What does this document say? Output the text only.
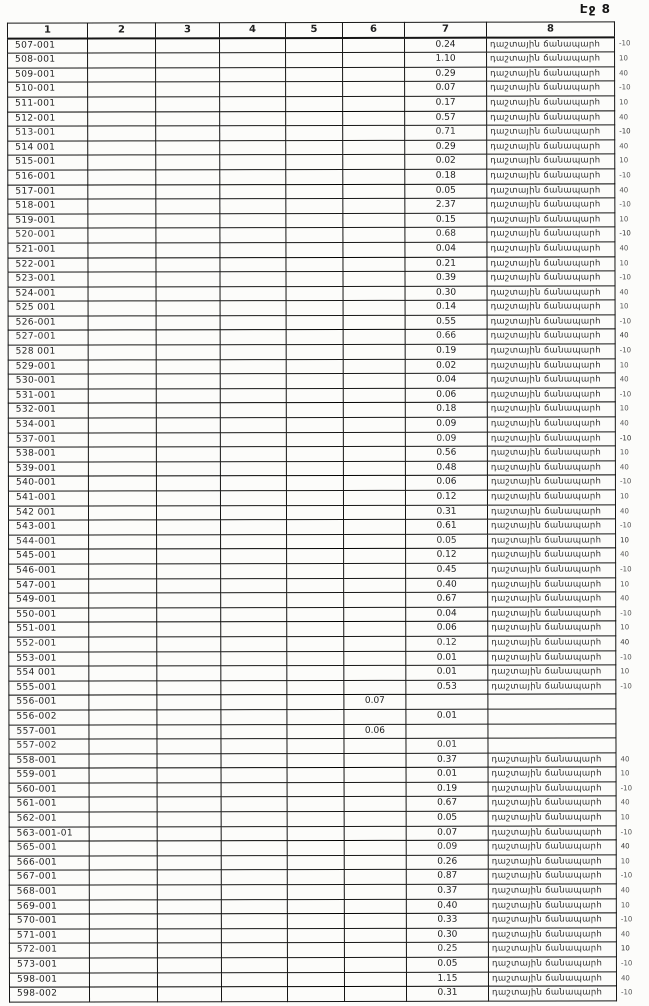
Էջ 8
1	2	3	4	5	6	7	8	
507-001						0.24	դաշտային ճանապարհ	-10
508-001						1.10	դաշտային ճանապարհ	10
509-001						0.29	դաշտային ճանապարհ	40
510-001						0.07	դաշտային ճանապարհ	-10
511-001						0.17	դաշտային ճանապարհ	10
512-001						0.57	դաշտային ճանապարհ	40
513-001						0.71	դաշտային ճանապարհ	-10
514 001						0.29	դաշտային ճանապարհ	40
515-001						0.02	դաշտային ճանապարհ	10
516-001						0.18	դաշտային ճանապարհ	-10
517-001						0.05	դաշտային ճանապարհ	40
518-001						2.37	դաշտային ճանապարհ	-10
519-001						0.15	դաշտային ճանապարհ	10
520-001						0.68	դաշտային ճանապարհ	-10
521-001						0.04	դաշտային ճանապարհ	40
522-001						0.21	դաշտային ճանապարհ	10
523-001						0.39	դաշտային ճանապարհ	-10
524-001						0.30	դաշտային ճանապարհ	40
525 001						0.14	դաշտային ճանապարհ	10
526-001						0.55	դաշտային ճանապարհ	-10
527-001						0.66	դաշտային ճանապարհ	40
528 001						0.19	դաշտային ճանապարհ	-10
529-001						0.02	դաշտային ճանապարհ	10
530-001						0.04	դաշտային ճանապարհ	40
531-001						0.06	դաշտային ճանապարհ	-10
532-001						0.18	դաշտային ճանապարհ	10
534-001						0.09	դաշտային ճանապարհ	40
537-001						0.09	դաշտային ճանապարհ	-10
538-001						0.56	դաշտային ճանապարհ	10
539-001						0.48	դաշտային ճանապարհ	40
540-001						0.06	դաշտային ճանապարհ	-10
541-001						0.12	դաշտային ճանապարհ	10
542 001						0.31	դաշտային ճանապարհ	40
543-001						0.61	դաշտային ճանապարհ	-10
544-001						0.05	դաշտային ճանապարհ	10
545-001						0.12	դաշտային ճանապարհ	40
546-001						0.45	դաշտային ճանապարհ	-10
547-001						0.40	դաշտային ճանապարհ	10
549-001						0.67	դաշտային ճանապարհ	40
550-001						0.04	դաշտային ճանապարհ	-10
551-001						0.06	դաշտային ճանապարհ	10
552-001						0.12	դաշտային ճանապարհ	40
553-001						0.01	դաշտային ճանապարհ	-10
554 001						0.01	դաշտային ճանապարհ	10
555-001						0.53	դաշտային ճանապարհ	-10
556-001					0.07			
556-002						0.01		
557-001					0.06			
557-002						0.01		
558-001						0.37	դաշտային ճանապարհ	40
559-001						0.01	դաշտային ճանապարհ	10
560-001						0.19	դաշտային ճանապարհ	-10
561-001						0.67	դաշտային ճանապարհ	40
562-001						0.05	դաշտային ճանապարհ	10
563-001-01						0.07	դաշտային ճանապարհ	-10
565-001						0.09	դաշտային ճանապարհ	40
566-001						0.26	դաշտային ճանապարհ	10
567-001						0.87	դաշտային ճանապարհ	-10
568-001						0.37	դաշտային ճանապարհ	40
569-001						0.40	դաշտային ճանապարհ	10
570-001						0.33	դաշտային ճանապարհ	-10
571-001						0.30	դաշտային ճանապարհ	40
572-001						0.25	դաշտային ճանապարհ	10
573-001						0.05	դաշտային ճանապարհ	-10
598-001						1.15	դաշտային ճանապարհ	40
598-002						0.31	դաշտային ճանապարհ	-10
